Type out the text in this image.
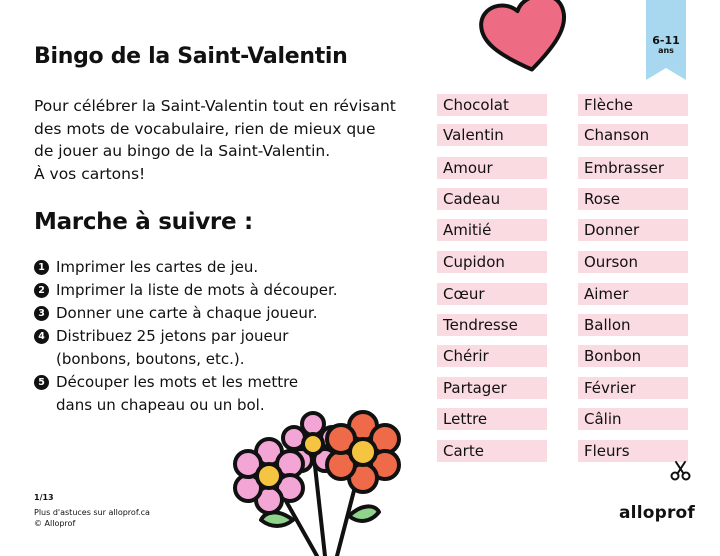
6-11
ans
Bingo de la Saint-Valentin

Pour célébrer la Saint-Valentin tout en révisant

des mots de vocabulaire, rien de mieux que

de jouer au bingo de la Saint-Valentin.

À vos cartons!

Marche à suivre :
1 Imprimer les cartes de jeu.
2 Imprimer la liste de mots à découper.
3 Donner une carte à chaque joueur.
4 Distribuez 25 jetons par joueur
(bonbons, boutons, etc.).
5 Découper les mots et les mettre
dans un chapeau ou un bol.
Chocolat
Valentin
Amour
Cadeau
Amitié
Cupidon
Cœur
Tendresse
Chérir
Partager
Lettre
Carte
Flèche
Chanson
Embrasser
Rose
Donner
Ourson
Aimer
Ballon
Bonbon
Février
Câlin
Fleurs
1/13
Plus d'astuces sur alloprof.ca
© Alloprof
alloprof
